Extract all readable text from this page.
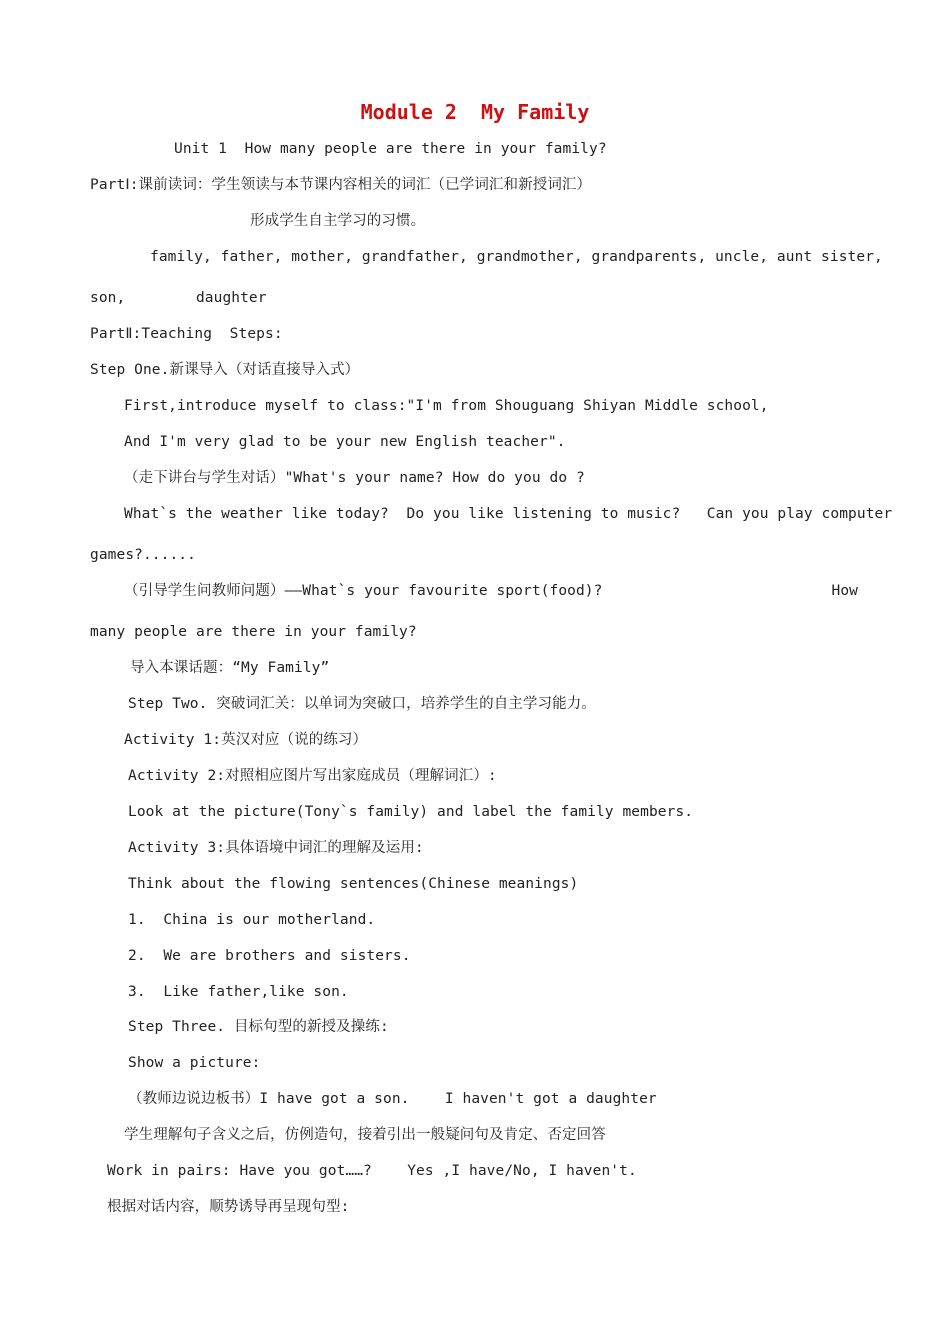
Module 2  My Family
Unit 1  How many people are there in your family?
PartⅠ:课前读词：学生领读与本节课内容相关的词汇（已学词汇和新授词汇）
形成学生自主学习的习惯。
family, father, mother, grandfather, grandmother, grandparents, uncle, aunt sister,
son,        daughter
PartⅡ:Teaching  Steps:
Step One.新课导入（对话直接导入式）
First,introduce myself to class:"I'm from Shouguang Shiyan Middle school,
And I'm very glad to be your new English teacher".
（走下讲台与学生对话）"What's your name? How do you do ?
What`s the weather like today?  Do you like listening to music?   Can you play computer
games?......
（引导学生问教师问题）——What`s your favourite sport(food)?	How
many people are there in your family?
导入本课话题：“My Family”
Step Two. 突破词汇关：以单词为突破口，培养学生的自主学习能力。
Activity 1:英汉对应（说的练习）
Activity 2:对照相应图片写出家庭成员（理解词汇）:
Look at the picture(Tony`s family) and label the family members.
Activity 3:具体语境中词汇的理解及运用:
Think about the flowing sentences(Chinese meanings)
1.  China is our motherland.
2.  We are brothers and sisters.
3.  Like father,like son.
Step Three. 目标句型的新授及操练:
Show a picture:
（教师边说边板书）I have got a son.    I haven't got a daughter
学生理解句子含义之后，仿例造句，接着引出一般疑问句及肯定、否定回答
Work in pairs: Have you got……?    Yes ,I have/No, I haven't.
根据对话内容，顺势诱导再呈现句型:
